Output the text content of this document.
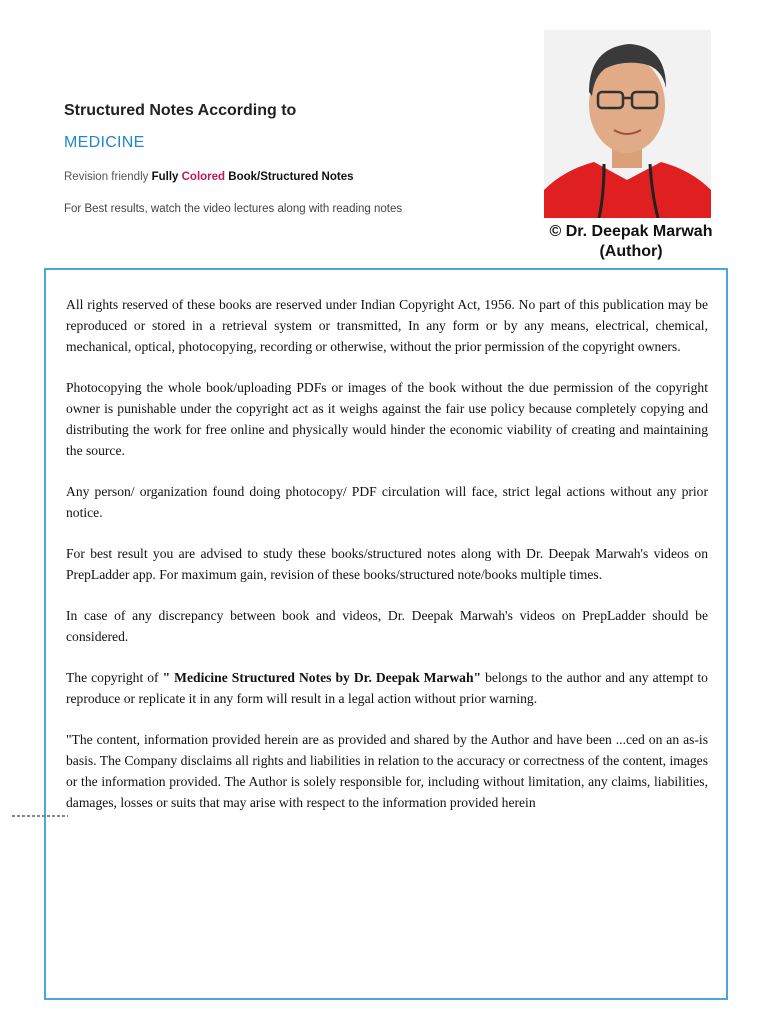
Structured Notes According to
MEDICINE
Revision friendly Fully Colored Book/Structured Notes
For Best results, watch the video lectures along with reading notes
© Dr. Deepak Marwah
(Author)

All rights reserved of these books are reserved under Indian Copyright Act, 1956. No part of this publication may be reproduced or stored in a retrieval system or transmitted, In any form or by any means, electrical, chemical, mechanical, optical, photocopying, recording or otherwise, without the prior permission of the copyright owners.

Photocopying the whole book/uploading PDFs or images of the book without the due permission of the copyright owner is punishable under the copyright act as it weighs against the fair use policy because completely copying and distributing the work for free online and physically would hinder the economic viability of creating and maintaining the source.

Any person/ organization found doing photocopy/ PDF circulation will face, strict legal actions without any prior notice.

For best result you are advised to study these books/structured notes along with Dr. Deepak Marwah's videos on PrepLadder app. For maximum gain, revision of these books/structured note/books multiple times.

In case of any discrepancy between book and videos, Dr. Deepak Marwah's videos on PrepLadder should be considered.

The copyright of " Medicine Structured Notes by Dr. Deepak Marwah" belongs to the author and any attempt to reproduce or replicate it in any form will result in a legal action without prior warning.

"The content, information provided herein are as provided and shared by the Author and have been ...ced on an as-is basis. The Company disclaims all rights and liabilities in relation to the accuracy or correctness of the content, images or the information provided. The Author is solely responsible for, including without limitation, any claims, liabilities, damages, losses or suits that may arise with respect to the information provided herein
